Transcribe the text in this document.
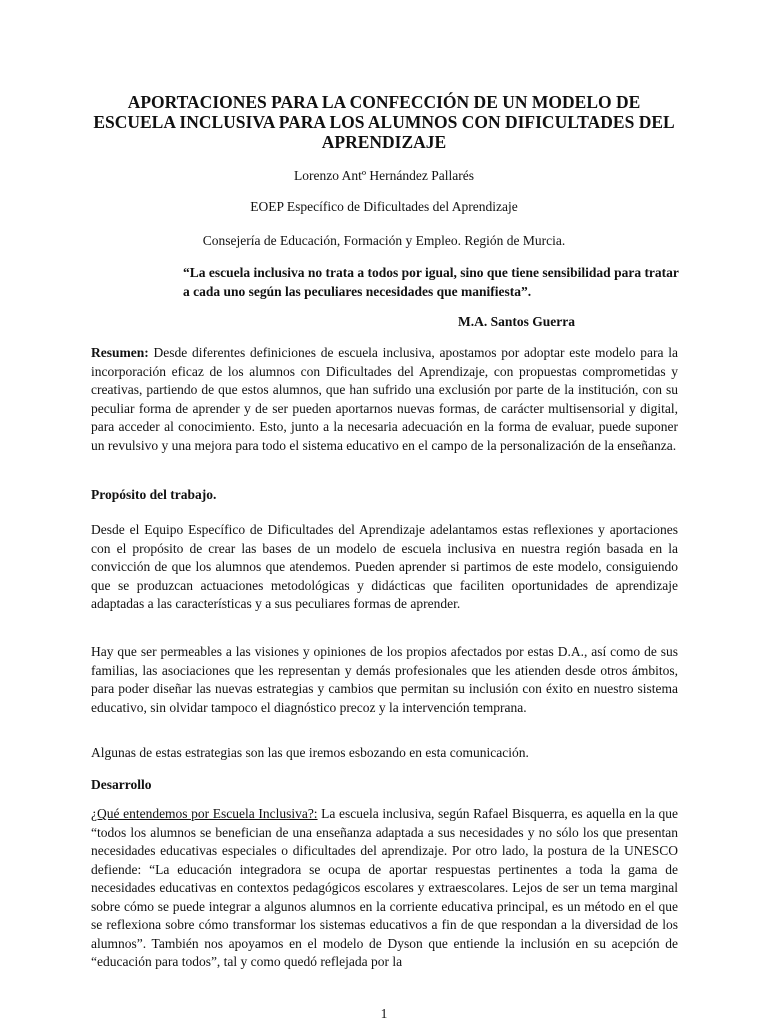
APORTACIONES PARA LA CONFECCIÓN DE UN MODELO DE ESCUELA INCLUSIVA PARA LOS ALUMNOS CON DIFICULTADES DEL APRENDIZAJE

Lorenzo Antº Hernández Pallarés

EOEP Específico de Dificultades del Aprendizaje

Consejería de Educación, Formación y Empleo. Región de Murcia.

“La escuela inclusiva no trata a todos por igual, sino que tiene sensibilidad para tratar a cada uno según las peculiares necesidades que manifiesta”.

M.A. Santos Guerra

Resumen: Desde diferentes definiciones de escuela inclusiva, apostamos por adoptar este modelo para la incorporación eficaz de los alumnos con Dificultades del Aprendizaje, con propuestas comprometidas y creativas, partiendo de que estos alumnos, que han sufrido una exclusión por parte de la institución, con su peculiar forma de aprender y de ser pueden aportarnos nuevas formas, de carácter multisensorial y digital, para acceder al conocimiento. Esto, junto a la necesaria adecuación en la forma de evaluar, puede suponer un revulsivo y una mejora para todo el sistema educativo en el campo de la personalización de la enseñanza.

Propósito del trabajo.

Desde el Equipo Específico de Dificultades del Aprendizaje adelantamos estas reflexiones y aportaciones con el propósito de crear las bases de un modelo de escuela inclusiva en nuestra región basada en la convicción de que los alumnos que atendemos. Pueden aprender si partimos de este modelo, consiguiendo que se produzcan actuaciones metodológicas y didácticas que faciliten oportunidades de aprendizaje adaptadas a las características y a sus peculiares formas de aprender.

Hay que ser permeables a las visiones y opiniones de los propios afectados por estas D.A., así como de sus familias, las asociaciones que les representan y demás profesionales que les atienden desde otros ámbitos, para poder diseñar las nuevas estrategias y cambios que permitan su inclusión con éxito en nuestro sistema educativo, sin olvidar tampoco el diagnóstico precoz y la intervención temprana.

Algunas de estas estrategias son las que iremos esbozando en esta comunicación.

Desarrollo

¿Qué entendemos por Escuela Inclusiva?: La escuela inclusiva, según Rafael Bisquerra, es aquella en la que “todos los alumnos se benefician de una enseñanza adaptada a sus necesidades y no sólo los que presentan necesidades educativas especiales o dificultades del aprendizaje. Por otro lado, la postura de la UNESCO defiende: “La educación integradora se ocupa de aportar respuestas pertinentes a toda la gama de necesidades educativas en contextos pedagógicos escolares y extraescolares. Lejos de ser un tema marginal sobre cómo se puede integrar a algunos alumnos en la corriente educativa principal, es un método en el que se reflexiona sobre cómo transformar los sistemas educativos a fin de que respondan a la diversidad de los alumnos”. También nos apoyamos en el modelo de Dyson que entiende la inclusión en su acepción de “educación para todos”, tal y como quedó reflejada por la

1
